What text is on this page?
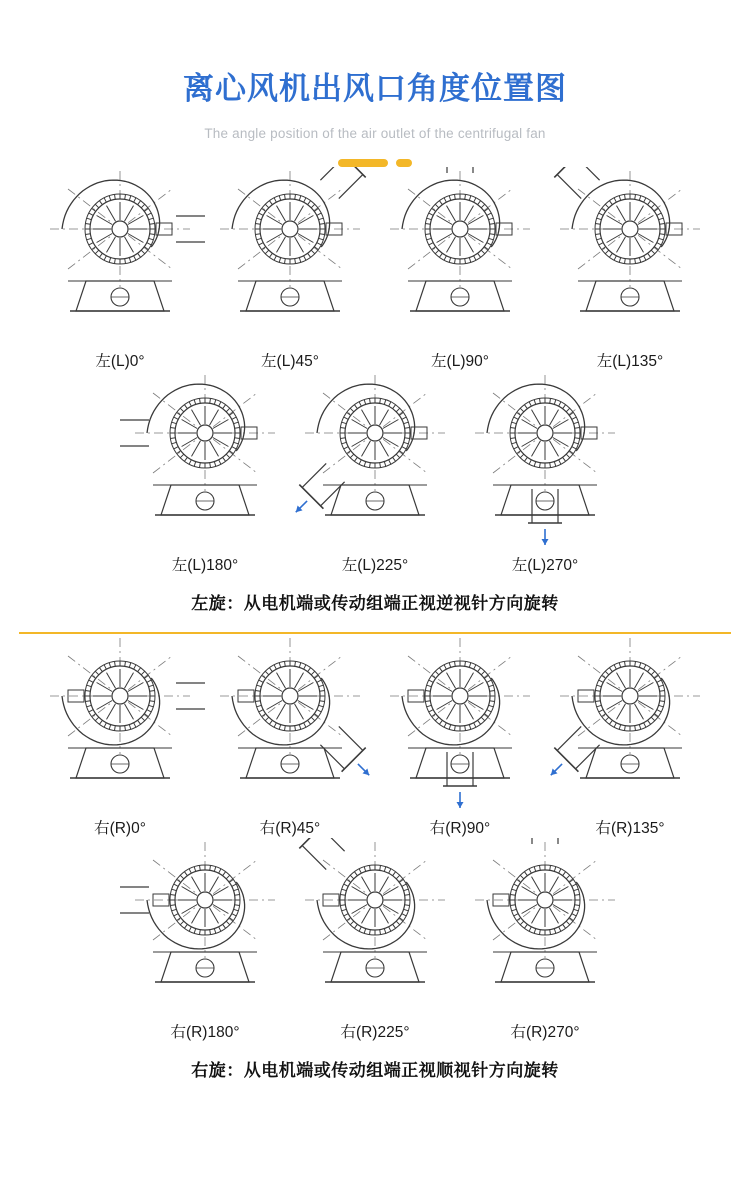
离心风机出风口角度位置图
The angle position of the air outlet of the centrifugal fan
左(L)0°	左(L)45°	左(L)90°	左(L)135°
左(L)180°	左(L)225°	左(L)270°
左旋：从电机端或传动组端正视逆视针方向旋转
右(R)0°	右(R)45°	右(R)90°	右(R)135°
右(R)180°	右(R)225°	右(R)270°
右旋：从电机端或传动组端正视顺视针方向旋转
